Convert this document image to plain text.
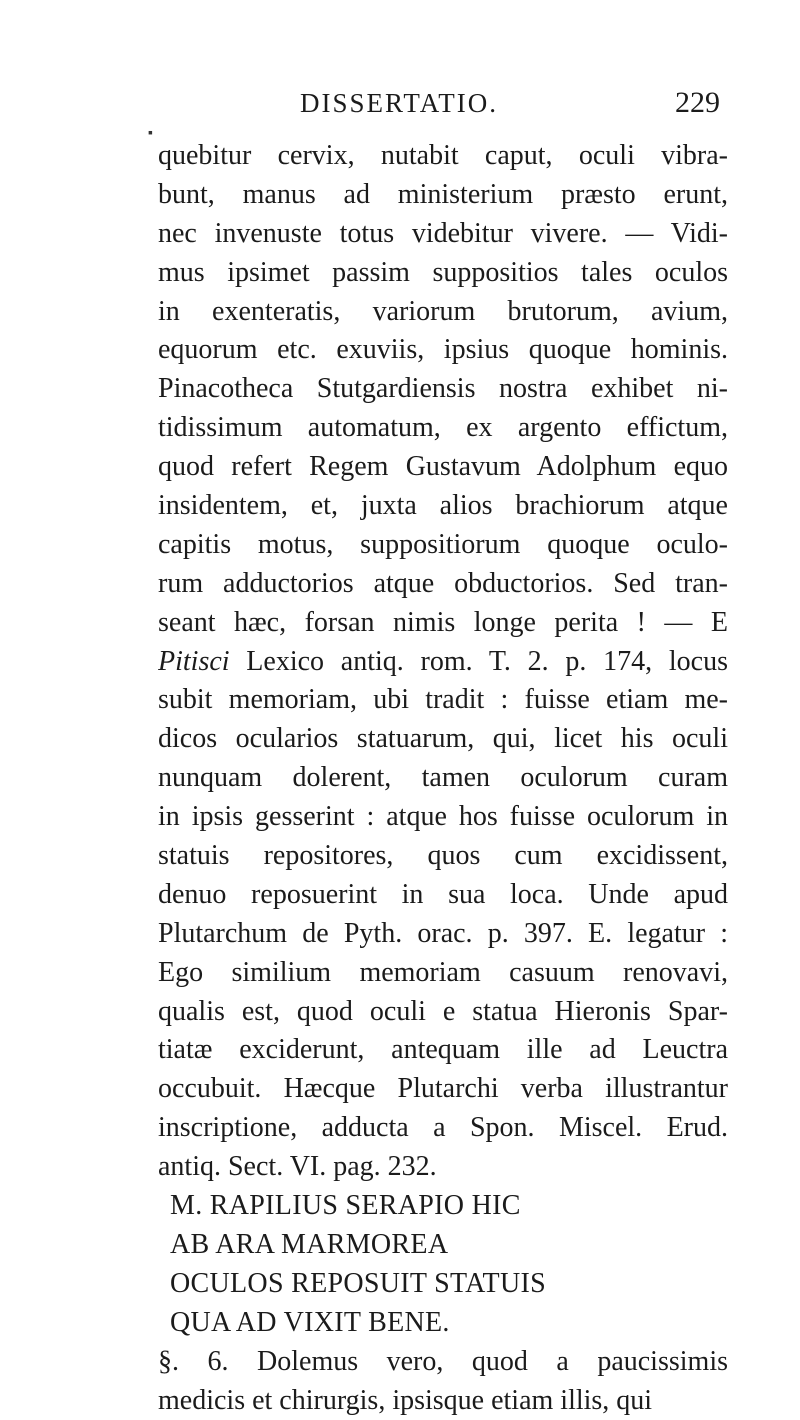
DISSERTATIO.	229
▪
quebitur cervix, nutabit caput, oculi vibra-
bunt, manus ad ministerium præsto erunt,
nec invenuste totus videbitur vivere. — Vidi-
mus ipsimet passim suppositios tales oculos
in exenteratis, variorum brutorum, avium,
equorum etc. exuviis, ipsius quoque hominis.
Pinacotheca Stutgardiensis nostra exhibet ni-
tidissimum automatum, ex argento effictum,
quod refert Regem Gustavum Adolphum equo
insidentem, et, juxta alios brachiorum atque
capitis motus, suppositiorum quoque oculo-
rum adductorios atque obductorios. Sed tran-
seant hæc, forsan nimis longe perita ! — E
Pitisci Lexico antiq. rom. T. 2. p. 174, locus
subit memoriam, ubi tradit : fuisse etiam me-
dicos ocularios statuarum, qui, licet his oculi
nunquam dolerent, tamen oculorum curam
in ipsis gesserint : atque hos fuisse oculorum in
statuis repositores, quos cum excidissent,
denuo reposuerint in sua loca. Unde apud
Plutarchum de Pyth. orac. p. 397. E. legatur :
Ego similium memoriam casuum renovavi,
qualis est, quod oculi e statua Hieronis Spar-
tiatæ exciderunt, antequam ille ad Leuctra
occubuit. Hæcque Plutarchi verba illustrantur
inscriptione, adducta a Spon. Miscel. Erud.
antiq. Sect. VI. pag. 232.
M. RAPILIUS SERAPIO HIC
AB ARA MARMOREA
OCULOS REPOSUIT STATUIS
QUA AD VIXIT BENE.
§. 6. Dolemus vero, quod a paucissimis
medicis et chirurgis, ipsisque etiam illis, qui
